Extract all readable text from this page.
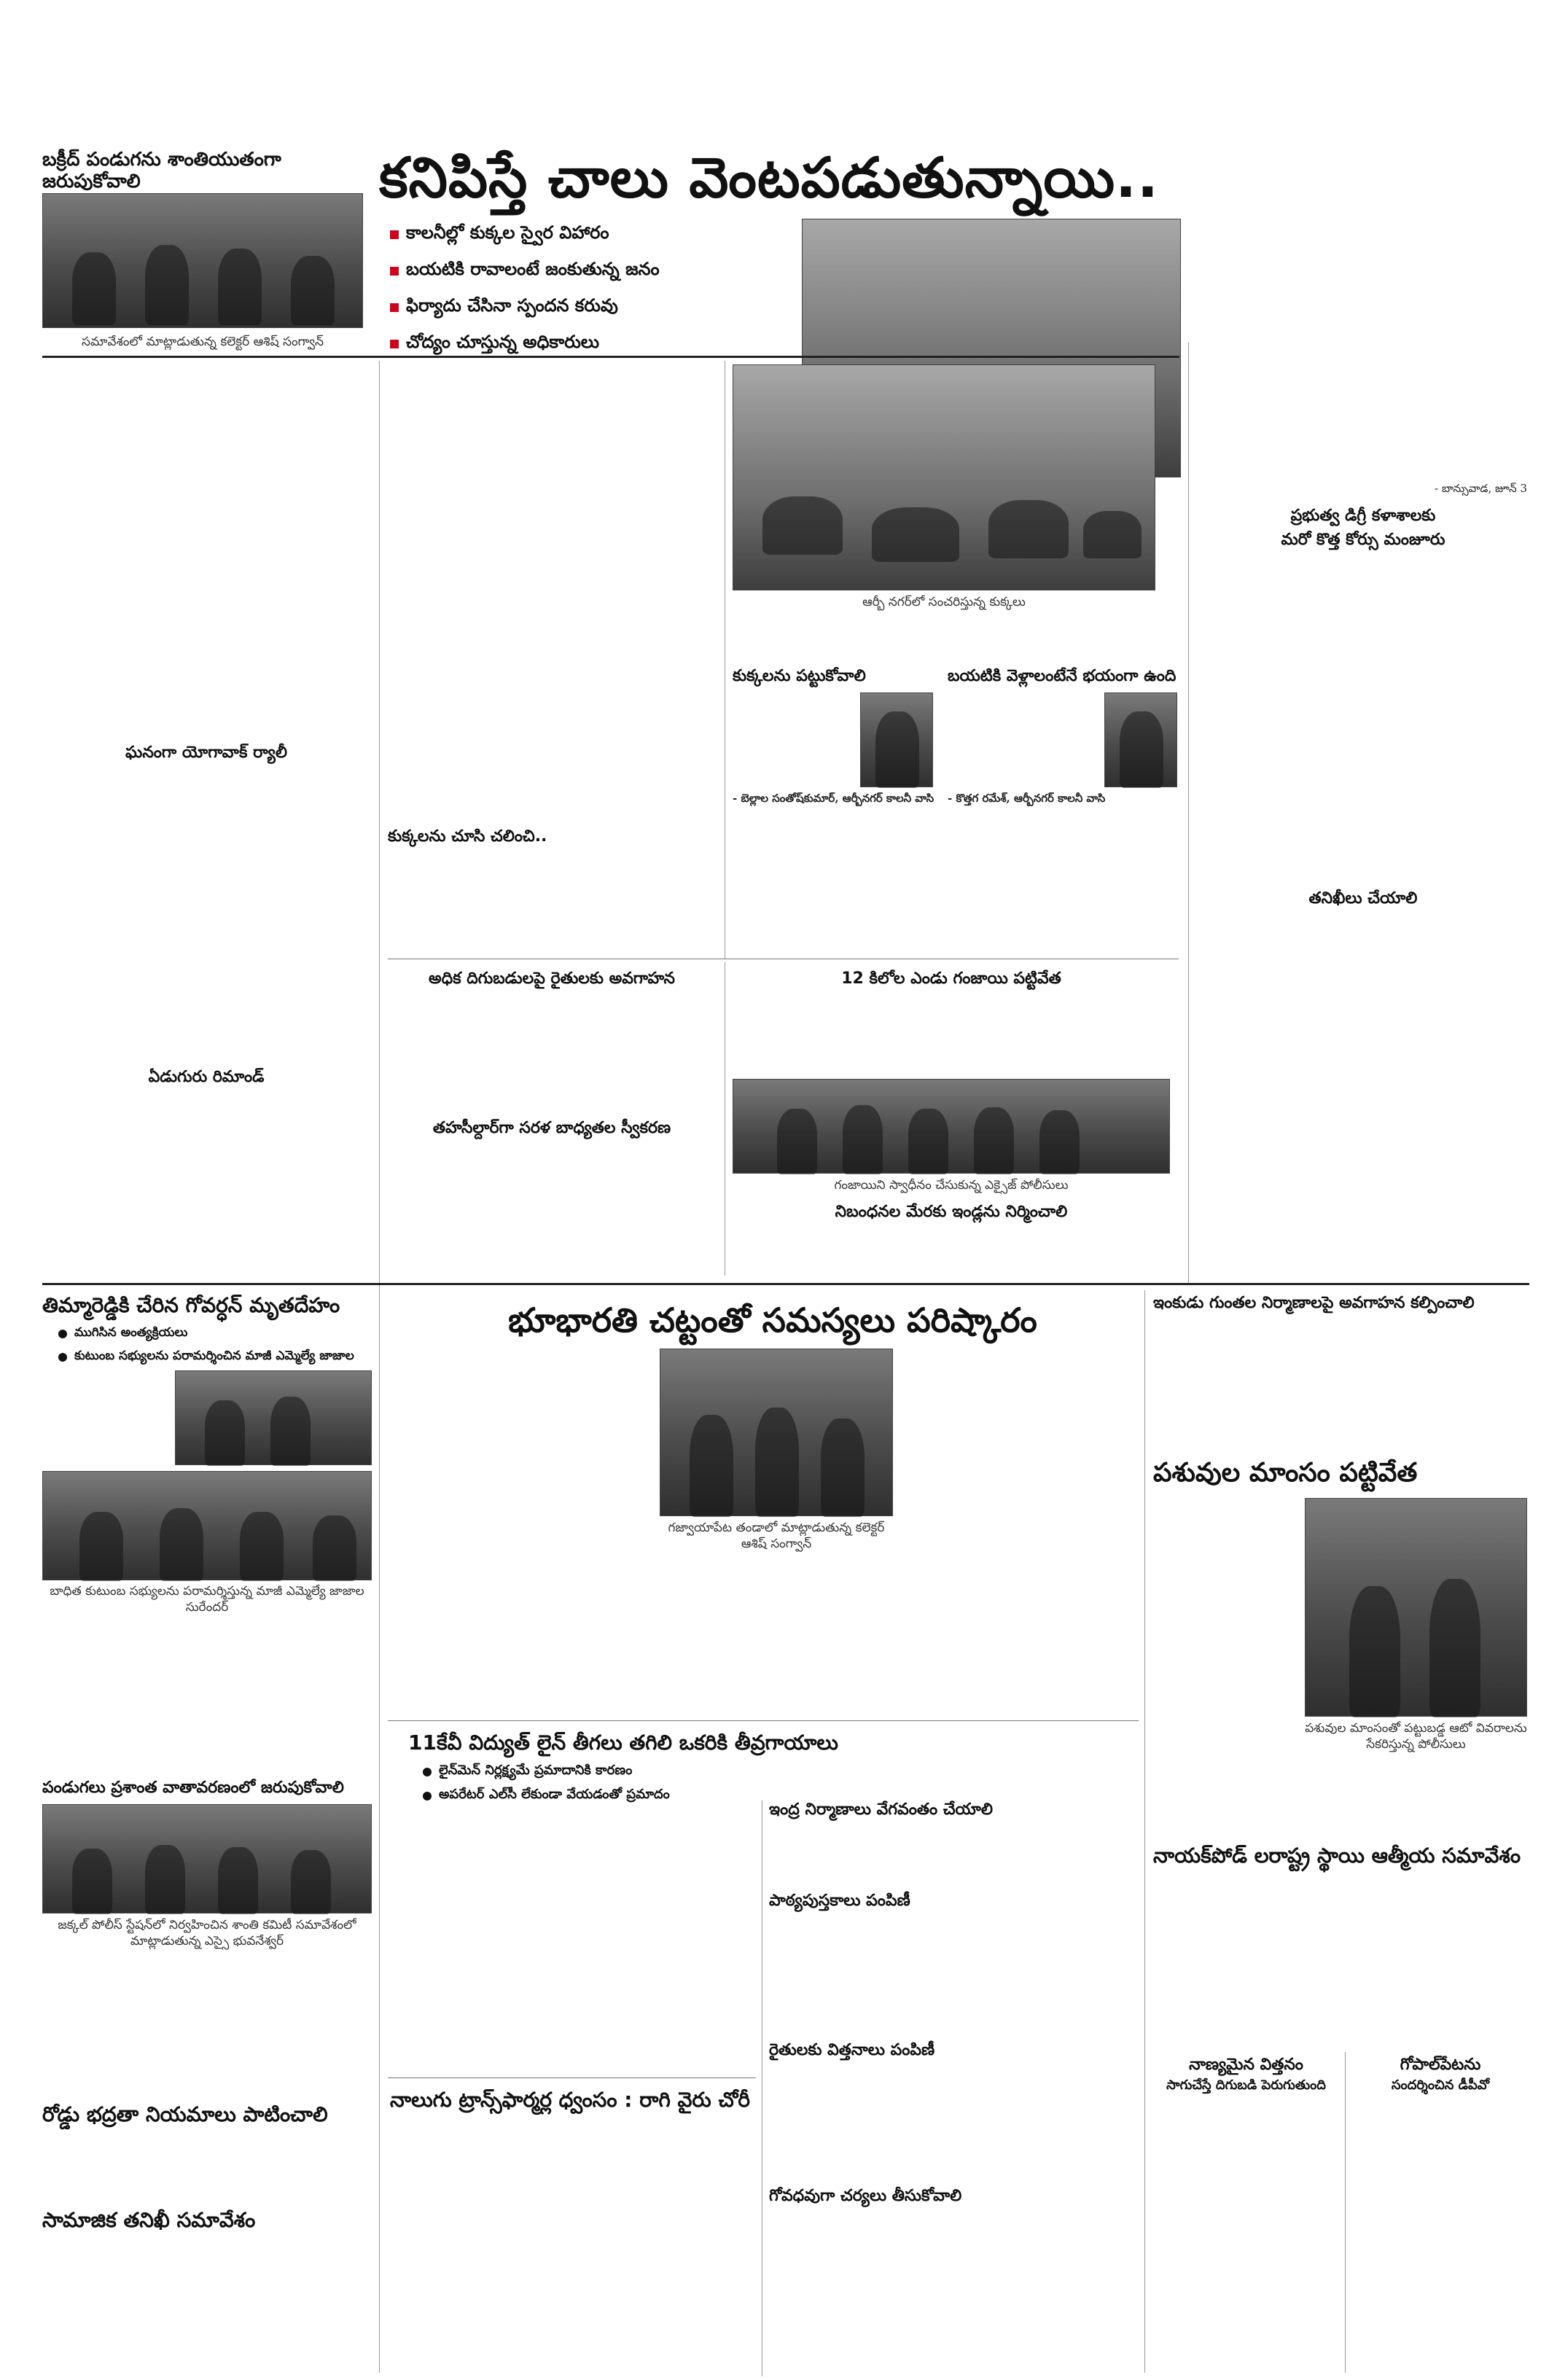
బక్రీద్ పండుగను శాంతియుతంగా జరుపుకోవాలి	కనిపిస్తే చాలు వెంటపడుతున్నాయి..
కాలనీల్లో కుక్కల స్వైర విహారం
బయటికి రావాలంటే జంకుతున్న జనం
ఫిర్యాదు చేసినా స్పందన కరువు
చోద్యం చూస్తున్న అధికారులు
సమావేశంలో మాట్లాడుతున్న కలెక్టర్ ఆశిష్ సంగ్వాన్
ఘనంగా యోగావాక్ ర్యాలీ
ఏడుగురు రిమాండ్
కుక్కలను చూసి చలించి..
ఆర్బీ నగర్‌లో సంచరిస్తున్న కుక్కలు
కుక్కలను పట్టుకోవాలి
- బెల్లాల సంతోష్‌కుమార్, ఆర్బీనగర్ కాలనీ వాసి
బయటికి వెళ్లాలంటేనే భయంగా ఉంది
- కొత్తగ రమేశ్, ఆర్బీనగర్ కాలనీ వాసి
అధిక దిగుబడులపై రైతులకు అవగాహన
తహసీల్దార్‌గా సరళ బాధ్యతల స్వీకరణ
12 కిలోల ఎండు గంజాయి పట్టివేత
గంజాయిని స్వాధీనం చేసుకున్న ఎక్సైజ్ పోలీసులు
నిబంధనల మేరకు ఇండ్లను నిర్మించాలి
- బాన్సువాడ, జూన్ 3
ప్రభుత్వ డిగ్రీ కళాశాలకు
మరో కొత్త కోర్సు మంజూరు
తనిఖీలు చేయాలి
తిమ్మారెడ్డికి చేరిన గోవర్ధన్ మృతదేహం
ముగిసిన అంత్యక్రియలు
కుటుంబ సభ్యులను పరామర్శించిన మాజీ ఎమ్మెల్యే జాజాల
బాధిత కుటుంబ సభ్యులను పరామర్శిస్తున్న మాజీ ఎమ్మెల్యే జాజాల సురేందర్
పండుగలు ప్రశాంత వాతావరణంలో జరుపుకోవాలి
జక్కల్ పోలీస్ స్టేషన్‌లో నిర్వహించిన శాంతి కమిటీ సమావేశంలో మాట్లాడుతున్న ఎస్సై భువనేశ్వర్
రోడ్డు భద్రతా నియమాలు పాటించాలి
సామాజిక తనిఖీ సమావేశం
భూభారతి చట్టంతో సమస్యలు పరిష్కారం
గజ్వాయాపేట తండాలో మాట్లాడుతున్న కలెక్టర్ ఆశిష్ సంగ్వాన్
11కేవీ విద్యుత్ లైన్ తీగలు తగిలి ఒకరికి తీవ్రగాయాలు
లైన్‌మెన్ నిర్లక్ష్యమే ప్రమాదానికి కారణం
అపరేటర్ ఎల్‌సీ లేకుండా వేయడంతో ప్రమాదం
ఇంద్ర నిర్మాణాలు వేగవంతం చేయాలి
పాఠ్యపుస్తకాలు పంపిణీ
రైతులకు విత్తనాలు పంపిణీ
నాలుగు ట్రాన్స్‌ఫార్మర్ల ధ్వంసం : రాగి వైరు చోరీ
గోవధవుగా చర్యలు తీసుకోవాలి
ఇంకుడు గుంతల నిర్మాణాలపై అవగాహన కల్పించాలి
పశువుల మాంసం పట్టివేత
పశువుల మాంసంతో పట్టుబడ్డ ఆటో వివరాలను సేకరిస్తున్న పోలీసులు
నాయక్‌పోడ్ లరాష్ట్ర స్థాయి ఆత్మీయ సమావేశం
నాణ్యమైన విత్తనం
సాగుచేస్తే దిగుబడి పెరుగుతుంది
గోపాల్‌పేటను
సందర్శించిన డీపీవో
